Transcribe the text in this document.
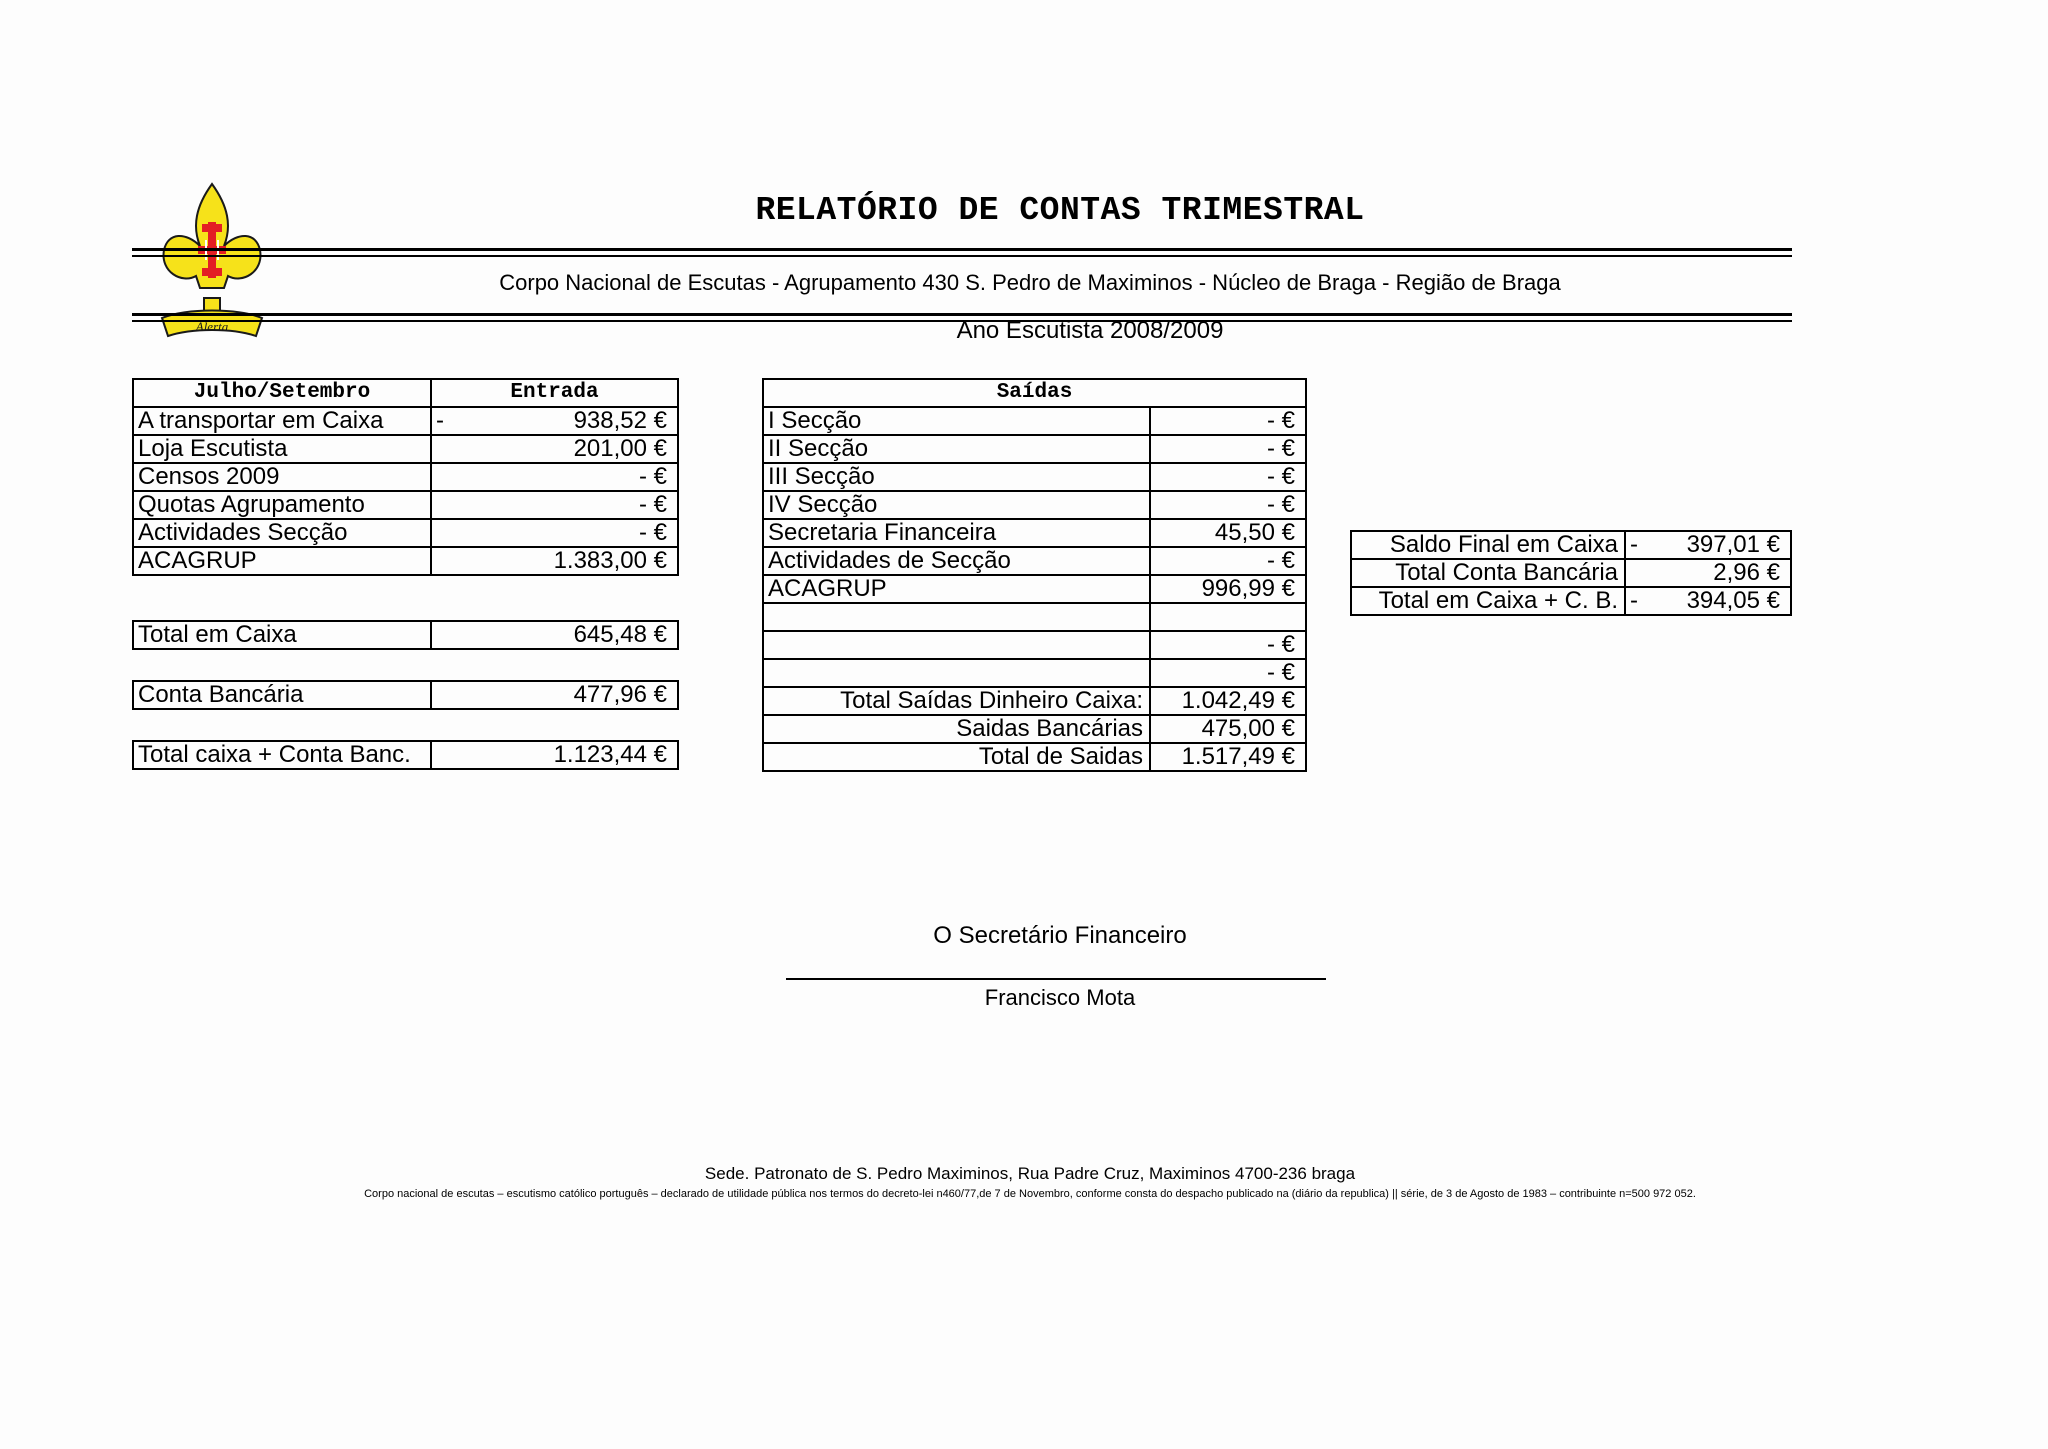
Alerta
RELATÓRIO DE CONTAS TRIMESTRAL
Corpo Nacional de Escutas - Agrupamento 430 S. Pedro de Maximinos - Núcleo de Braga - Região de Braga
Ano Escutista 2008/2009
Julho/Setembro	Entrada
A transportar em Caixa	- 938,52 €

Loja Escutista	201,00 €
Censos 2009	- €
Quotas Agrupamento	- €
Actividades Secção	- €
ACAGRUP	1.383,00 €
Total em Caixa	645,48 €
Conta Bancária	477,96 €
Total caixa + Conta Banc.	1.123,44 €
Saídas	
I Secção	- €
II Secção	- €
III Secção	- €
IV Secção	- €
Secretaria Financeira	45,50 €
Actividades de Secção	- €
ACAGRUP	996,99 €

	- €
	- €
Total Saídas Dinheiro Caixa:	1.042,49 €
Saidas Bancárias	475,00 €
Total de Saidas	1.517,49 €
Saldo Final em Caixa	- 397,01 €

Total Conta Bancária	2,96 €
Total em Caixa + C. B.	- 394,05 €
O Secretário Financeiro
Francisco Mota
Sede. Patronato de S. Pedro Maximinos, Rua Padre Cruz, Maximinos 4700-236 braga
Corpo nacional de escutas – escutismo católico português – declarado de utilidade pública nos termos do decreto-lei n460/77,de 7 de Novembro, conforme consta do despacho publicado na (diário da republica) || série, de 3 de Agosto de 1983 – contribuinte n=500 972 052.
